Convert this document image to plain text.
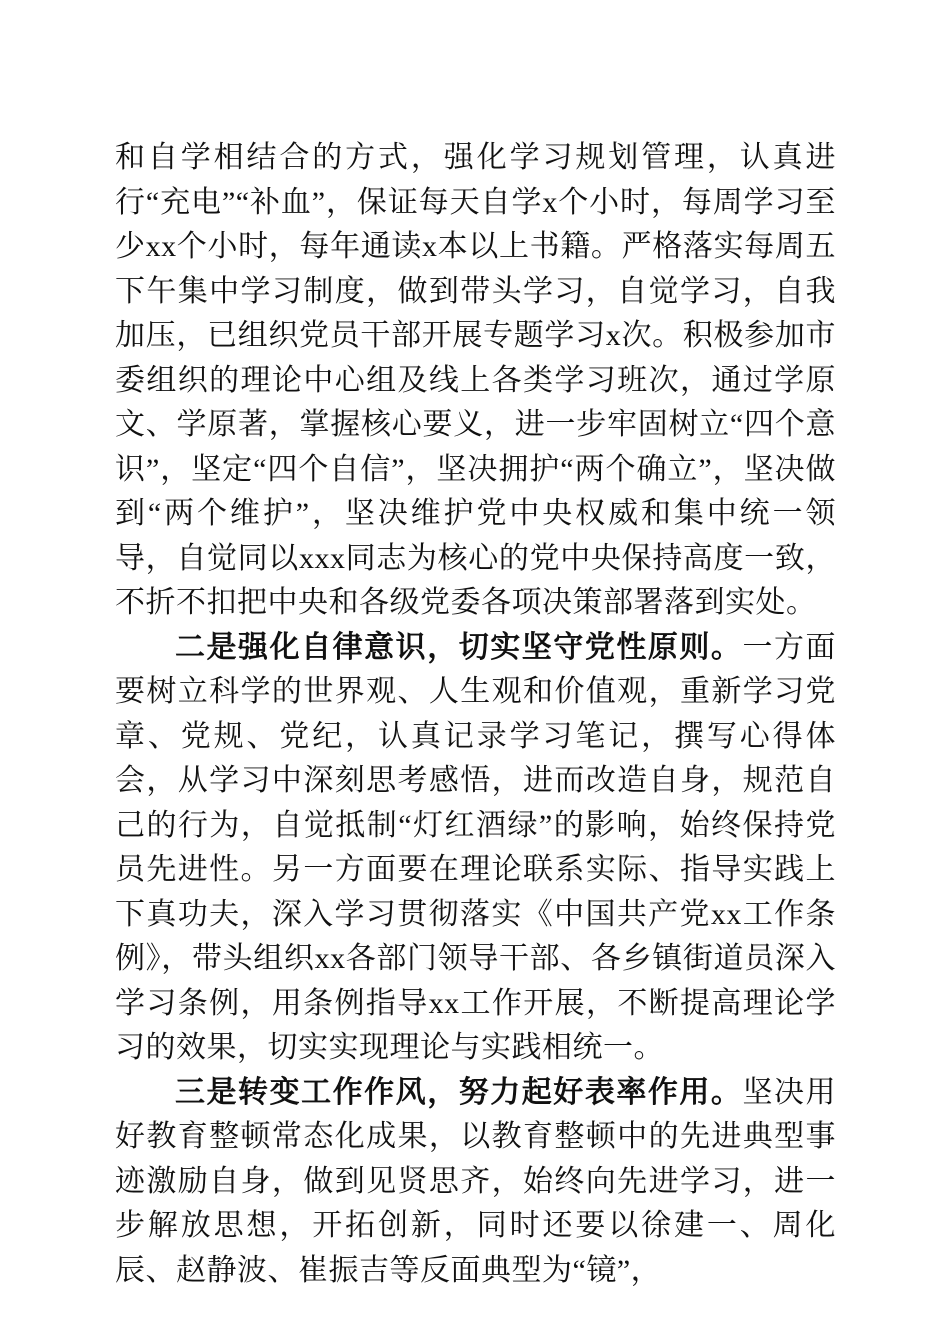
和自学相结合的方式，强化学习规划管理，认真进行“充电”“补血”，保证每天自学x个小时，每周学习至少xx个小时，每年通读x本以上书籍。严格落实每周五下午集中学习制度，做到带头学习，自觉学习，自我加压，已组织党员干部开展专题学习x次。积极参加市委组织的理论中心组及线上各类学习班次，通过学原文、学原著，掌握核心要义，进一步牢固树立“四个意识”，坚定“四个自信”，坚决拥护“两个确立”，坚决做到“两个维护”，坚决维护党中央权威和集中统一领导，自觉同以xxx同志为核心的党中央保持高度一致，不折不扣把中央和各级党委各项决策部署落到实处。

二是强化自律意识，切实坚守党性原则。一方面要树立科学的世界观、人生观和价值观，重新学习党章、党规、党纪，认真记录学习笔记，撰写心得体会，从学习中深刻思考感悟，进而改造自身，规范自己的行为，自觉抵制“灯红酒绿”的影响，始终保持党员先进性。另一方面要在理论联系实际、指导实践上下真功夫，深入学习贯彻落实《中国共产党xx工作条例》，带头组织xx各部门领导干部、各乡镇街道员深入学习条例，用条例指导xx工作开展，不断提高理论学习的效果，切实实现理论与实践相统一。

三是转变工作作风，努力起好表率作用。坚决用好教育整顿常态化成果，以教育整顿中的先进典型事迹激励自身，做到见贤思齐，始终向先进学习，进一步解放思想，开拓创新，同时还要以徐建一、周化辰、赵静波、崔振吉等反面典型为“镜”，
